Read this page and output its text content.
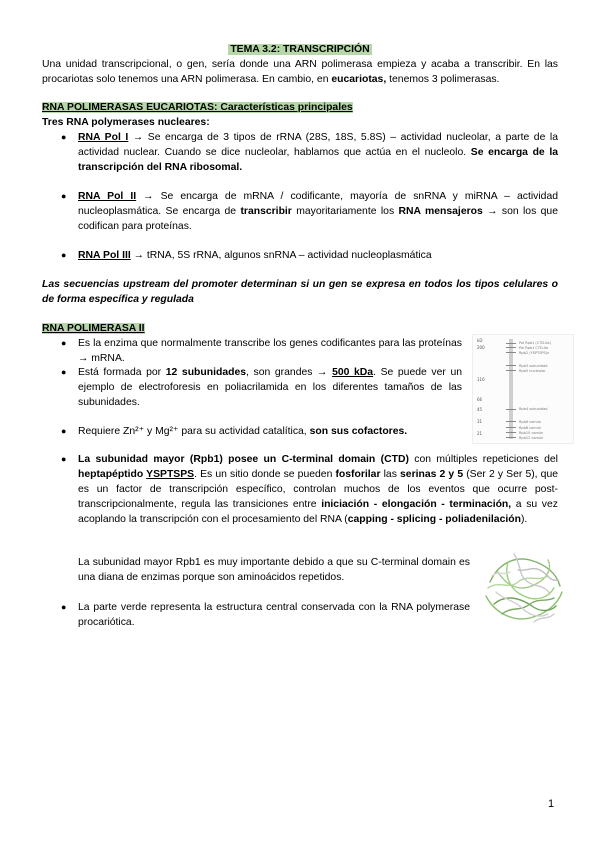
TEMA 3.2: TRANSCRIPCIÓN
Una unidad transcripcional, o gen, sería donde una ARN polimerasa empieza y acaba a transcribir. En las procariotas solo tenemos una ARN polimerasa. En cambio, en eucariotas, tenemos 3 polimerasas.
RNA POLIMERASAS EUCARIOTAS: Características principales
Tres RNA polymerases nucleares:
● RNA Pol I → Se encarga de 3 tipos de rRNA (28S, 18S, 5.8S) – actividad nucleolar, a parte de la actividad nuclear. Cuando se dice nucleolar, hablamos que actúa en el nucleolo. Se encarga de la transcripción del RNA ribosomal.
● RNA Pol II → Se encarga de mRNA / codificante, mayoría de snRNA y miRNA – actividad nucleoplasmática. Se encarga de transcribir mayoritariamente los RNA mensajeros → son los que codifican para proteínas.
● RNA Pol III → tRNA, 5S rRNA, algunos snRNA – actividad nucleoplasmática
Las secuencias upstream del promoter determinan si un gen se expresa en todos los tipos celulares o de forma específica y regulada
RNA POLIMERASA II
● Es la enzima que normalmente transcribe los genes codificantes para las proteínas → mRNA.
● Está formada por 12 subunidades, son grandes → 500 kDa. Se puede ver un ejemplo de electroforesis en poliacrilamida en los diferentes tamaños de las subunidades.
● Requiere Zn²⁺ y Mg²⁺ para su actividad catalítica, son sus cofactores.
● La subunidad mayor (Rpb1) posee un C-terminal domain (CTD) con múltiples repeticiones del heptapéptido YSPTSPS. Es un sitio donde se pueden fosforilar las serinas 2 y 5 (Ser 2 y Ser 5), que es un factor de transcripción específico, controlan muchos de los eventos que ocurre post-transcripcionalmente, regula las transiciones entre iniciación - elongación - terminación, a su vez acoplando la transcripción con el procesamiento del RNA (capping - splicing - poliadenilación).
La subunidad mayor Rpb1 es muy importante debido a que su C-terminal domain es una diana de enzimas porque son aminoácidos repetidos.
● La parte verde representa la estructura central conservada con la RNA polymerase procariótica.
kD
200
116
66
45
31
21
Pol Rpb1 (CTD-IIa)
Pol Rpb1 CTD-IIo
Rpb2 (YSPTSPS)n
Rpb3 subunidad
Rpb5 nucleolar
Rpb4 subunidad
Rpb6 común
Rpb8 común
Rpb10 común
Rpb12 común
1
